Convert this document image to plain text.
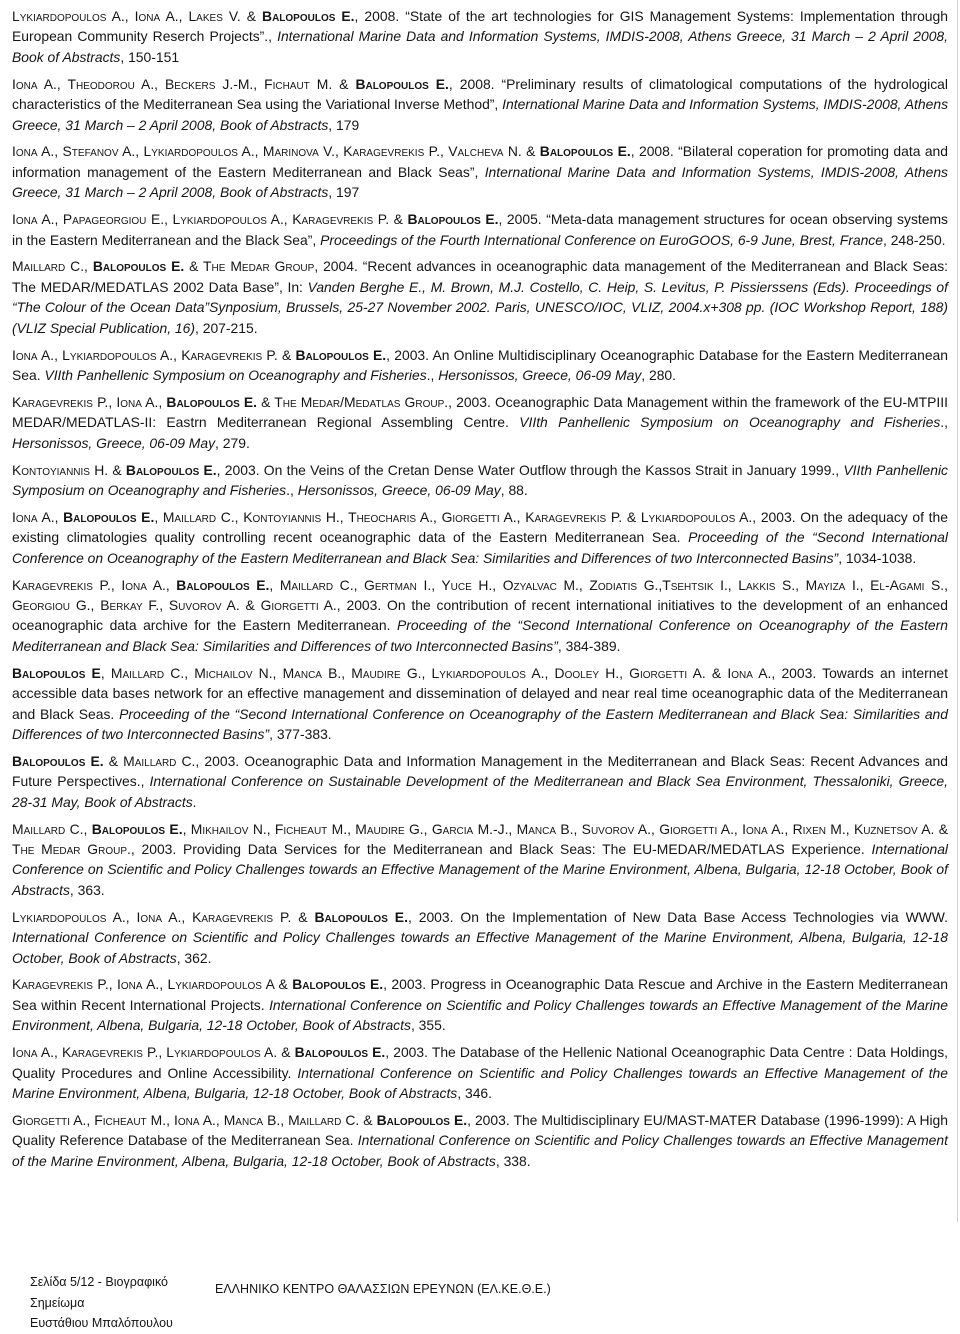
Lykiardopoulos A., Iona A., Lakes V. & Balopoulos E., 2008. “State of the art technologies for GIS Management Systems: Implementation through European Community Reserch Projects”., International Marine Data and Information Systems, IMDIS-2008, Athens Greece, 31 March – 2 April 2008, Book of Abstracts, 150-151

Iona A., Theodorou A., Beckers J.-M., Fichaut M. & Balopoulos E., 2008. “Preliminary results of climatological computations of the hydrological characteristics of the Mediterranean Sea using the Variational Inverse Method”, International Marine Data and Information Systems, IMDIS-2008, Athens Greece, 31 March – 2 April 2008, Book of Abstracts, 179

Iona A., Stefanov A., Lykiardopoulos A., Marinova V., Karagevrekis P., Valcheva N. & Balopoulos E., 2008. “Bilateral coperation for promoting data and information management of the Eastern Mediterranean and Black Seas”, International Marine Data and Information Systems, IMDIS-2008, Athens Greece, 31 March – 2 April 2008, Book of Abstracts, 197

Iona A., Papageorgiou E., Lykiardopoulos A., Karagevrekis P. & Balopoulos E., 2005. “Meta-data management structures for ocean observing systems in the Eastern Mediterranean and the Black Sea”, Proceedings of the Fourth International Conference on EuroGOOS, 6-9 June, Brest, France, 248-250.

Maillard C., Balopoulos E. & The Medar Group, 2004. “Recent advances in oceanographic data management of the Mediterranean and Black Seas: The MEDAR/MEDATLAS 2002 Data Base”, In: Vanden Berghe E., M. Brown, M.J. Costello, C. Heip, S. Levitus, P. Pissierssens (Eds). Proceedings of “The Colour of the Ocean Data”Synposium, Brussels, 25-27 November 2002. Paris, UNESCO/IOC, VLIZ, 2004.x+308 pp. (IOC Workshop Report, 188) (VLIZ Special Publication, 16), 207-215.

Iona A., Lykiardopoulos A., Karagevrekis P. & Balopoulos E., 2003. An Online Multidisciplinary Oceanographic Database for the Eastern Mediterranean Sea. VIIth Panhellenic Symposium on Oceanography and Fisheries., Hersonissos, Greece, 06-09 May, 280.

Karagevrekis P., Iona A., Balopoulos E. & The Medar/Medatlas Group., 2003. Oceanographic Data Management within the framework of the EU-MTPIII MEDAR/MEDATLAS-II: Eastrn Mediterranean Regional Assembling Centre. VIIth Panhellenic Symposium on Oceanography and Fisheries., Hersonissos, Greece, 06-09 May, 279.

Kontoyiannis H. & Balopoulos E., 2003. On the Veins of the Cretan Dense Water Outflow through the Kassos Strait in January 1999., VIIth Panhellenic Symposium on Oceanography and Fisheries., Hersonissos, Greece, 06-09 May, 88.

Iona A., Balopoulos E., Maillard C., Kontoyiannis H., Theocharis A., Giorgetti A., Karagevrekis P. & Lykiardopoulos A., 2003. On the adequacy of the existing climatologies quality controlling recent oceanographic data of the Eastern Mediterranean Sea. Proceeding of the “Second International Conference on Oceanography of the Eastern Mediterranean and Black Sea: Similarities and Differences of two Interconnected Basins”, 1034-1038.

Karagevrekis P., Iona A., Balopoulos E., Maillard C., Gertman I., Yuce H., Ozyalvac M., Zodiatis G.,Tsehtsik I., Lakkis S., Mayiza I., El-Agami S., Georgiou G., Berkay F., Suvorov A. & Giorgetti A., 2003. On the contribution of recent international initiatives to the development of an enhanced oceanographic data archive for the Eastern Mediterranean. Proceeding of the “Second International Conference on Oceanography of the Eastern Mediterranean and Black Sea: Similarities and Differences of two Interconnected Basins”, 384-389.

Balopoulos E, Maillard C., Michailov N., Manca B., Maudire G., Lykiardopoulos A., Dooley H., Giorgetti A. & Iona A., 2003. Towards an internet accessible data bases network for an effective management and dissemination of delayed and near real time oceanographic data of the Mediterranean and Black Seas. Proceeding of the “Second International Conference on Oceanography of the Eastern Mediterranean and Black Sea: Similarities and Differences of two Interconnected Basins”, 377-383.

Balopoulos E. & Maillard C., 2003. Oceanographic Data and Information Management in the Mediterranean and Black Seas: Recent Advances and Future Perspectives., International Conference on Sustainable Development of the Mediterranean and Black Sea Environment, Thessaloniki, Greece, 28-31 May, Book of Abstracts.

Maillard C., Balopoulos E., Mikhailov N., Ficheaut M., Maudire G., Garcia M.-J., Manca B., Suvorov A., Giorgetti A., Iona A., Rixen M., Kuznetsov A. & The Medar Group., 2003. Providing Data Services for the Mediterranean and Black Seas: The EU-MEDAR/MEDATLAS Experience. International Conference on Scientific and Policy Challenges towards an Effective Management of the Marine Environment, Albena, Bulgaria, 12-18 October, Book of Abstracts, 363.

Lykiardopoulos A., Iona A., Karagevrekis P. & Balopoulos E., 2003. On the Implementation of New Data Base Access Technologies via WWW. International Conference on Scientific and Policy Challenges towards an Effective Management of the Marine Environment, Albena, Bulgaria, 12-18 October, Book of Abstracts, 362.

Karagevrekis P., Iona A., Lykiardopoulos A & Balopoulos E., 2003. Progress in Oceanographic Data Rescue and Archive in the Eastern Mediterranean Sea within Recent International Projects. International Conference on Scientific and Policy Challenges towards an Effective Management of the Marine Environment, Albena, Bulgaria, 12-18 October, Book of Abstracts, 355.

Iona A., Karagevrekis P., Lykiardopoulos A. & Balopoulos E., 2003. The Database of the Hellenic National Oceanographic Data Centre : Data Holdings, Quality Procedures and Online Accessibility. International Conference on Scientific and Policy Challenges towards an Effective Management of the Marine Environment, Albena, Bulgaria, 12-18 October, Book of Abstracts, 346.

Giorgetti A., Ficheaut M., Iona A., Manca B., Maillard C. & Balopoulos E., 2003. The Multidisciplinary EU/MAST-MATER Database (1996-1999): A High Quality Reference Database of the Mediterranean Sea. International Conference on Scientific and Policy Challenges towards an Effective Management of the Marine Environment, Albena, Bulgaria, 12-18 October, Book of Abstracts, 338.

Σελίδα 5/12 - Βιογραφικό
Σημείωμα
Ευστάθιου Μπαλόπουλου
ΕΛΛΗΝΙΚΟ ΚΕΝΤΡΟ ΘΑΛΑΣΣΙΩΝ ΕΡΕΥΝΩΝ (ΕΛ.ΚΕ.Θ.Ε.)
